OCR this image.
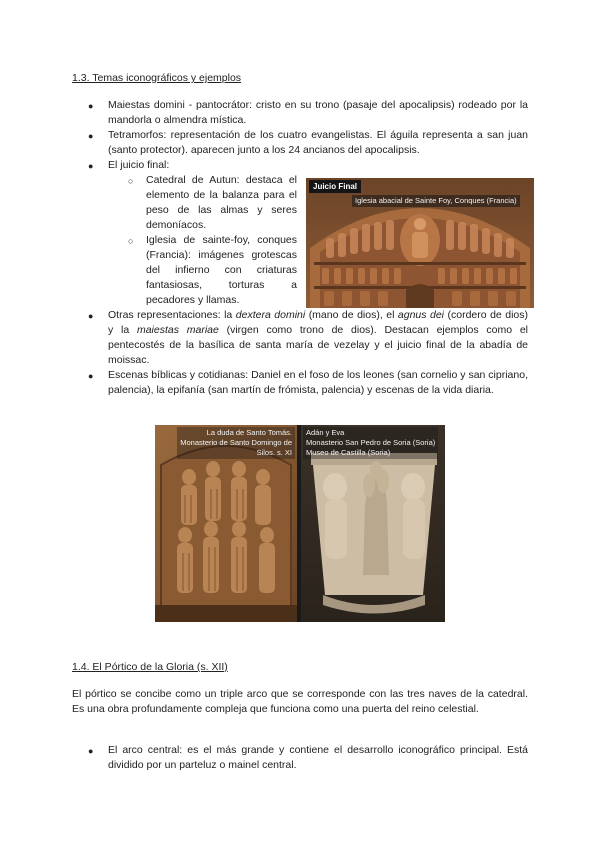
1.3. Temas iconográficos y ejemplos
● Maiestas domini - pantocrátor: cristo en su trono (pasaje del apocalipsis) rodeado por la mandorla o almendra mística.
● Tetramorfos: representación de los cuatro evangelistas. El águila representa a san juan (santo protector). aparecen junto a los 24 ancianos del apocalipsis.
● El juicio final:
○ Catedral de Autun: destaca el elemento de la balanza para el peso de las almas y seres demoníacos.
○ Iglesia de sainte-foy, conques (Francia): imágenes grotescas del infierno con criaturas fantasiosas, torturas a pecadores y llamas.
Juicio Final
Iglesia abacial de Sainte Foy, Conques (Francia)
● Otras representaciones: la dextera domini (mano de dios), el agnus dei (cordero de dios) y la maiestas mariae (virgen como trono de dios). Destacan ejemplos como el pentecostés de la basílica de santa maría de vezelay y el juicio final de la abadía de moissac.
● Escenas bíblicas y cotidianas: Daniel en el foso de los leones (san cornelio y san cipriano, palencia), la epifanía (san martín de frómista, palencia) y escenas de la vida diaria.
La duda de Santo Tomás.
Monasterio de Santo Domingo de
Silos. s. XI
Adán y Eva
Monasterio San Pedro de Soria (Soria)
Museo de Castilla (Soria)
1.4. El Pórtico de la Gloria (s. XII)
El pórtico se concibe como un triple arco que se corresponde con las tres naves de la catedral. Es una obra profundamente compleja que funciona como una puerta del reino celestial.
● El arco central: es el más grande y contiene el desarrollo iconográfico principal. Está dividido por un parteluz o mainel central.
